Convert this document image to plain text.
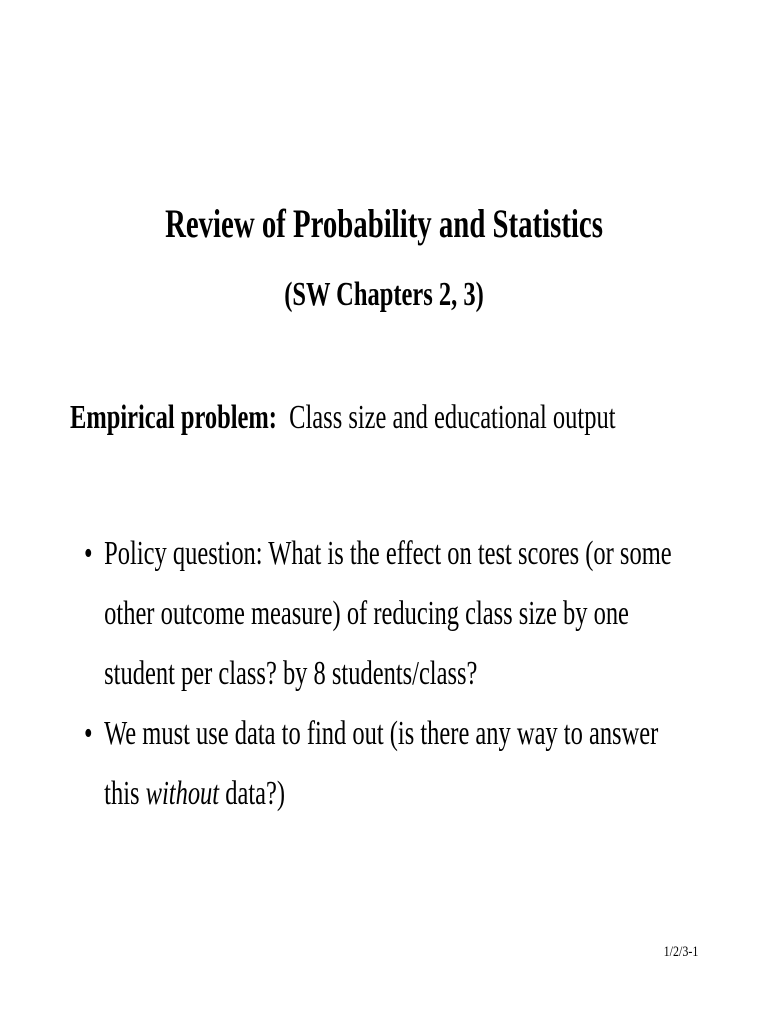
Review of Probability and Statistics
(SW Chapters 2, 3)
Empirical problem: Class size and educational output
• Policy question: What is the effect on test scores (or some
other outcome measure) of reducing class size by one
student per class? by 8 students/class?
• We must use data to find out (is there any way to answer
this without data?)
1/2/3-1
